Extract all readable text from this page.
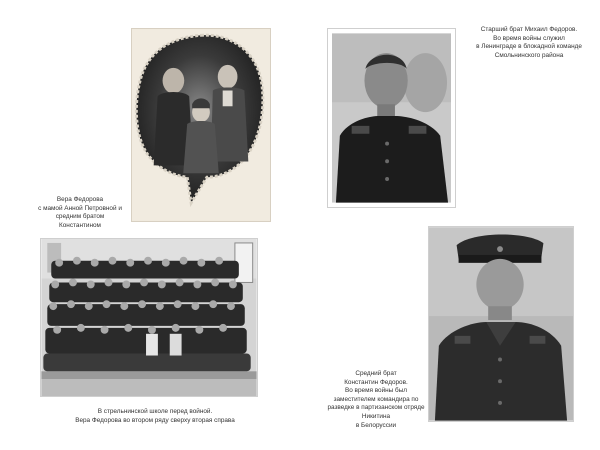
Вера Федорова
с мамой Анной Петровной и
средним братом Константином

Старший брат Михаил Федоров.
Во время войны служил
в Ленинграде в блокадной команде
Смольнинского района

В стрельнинской школе перед войной.
Вера Федорова во втором ряду сверху вторая справа

Средний брат
Константин Федоров.
Во время войны был
заместителем командира по
разведке в партизанском отряде
Никитина
в Белоруссии
